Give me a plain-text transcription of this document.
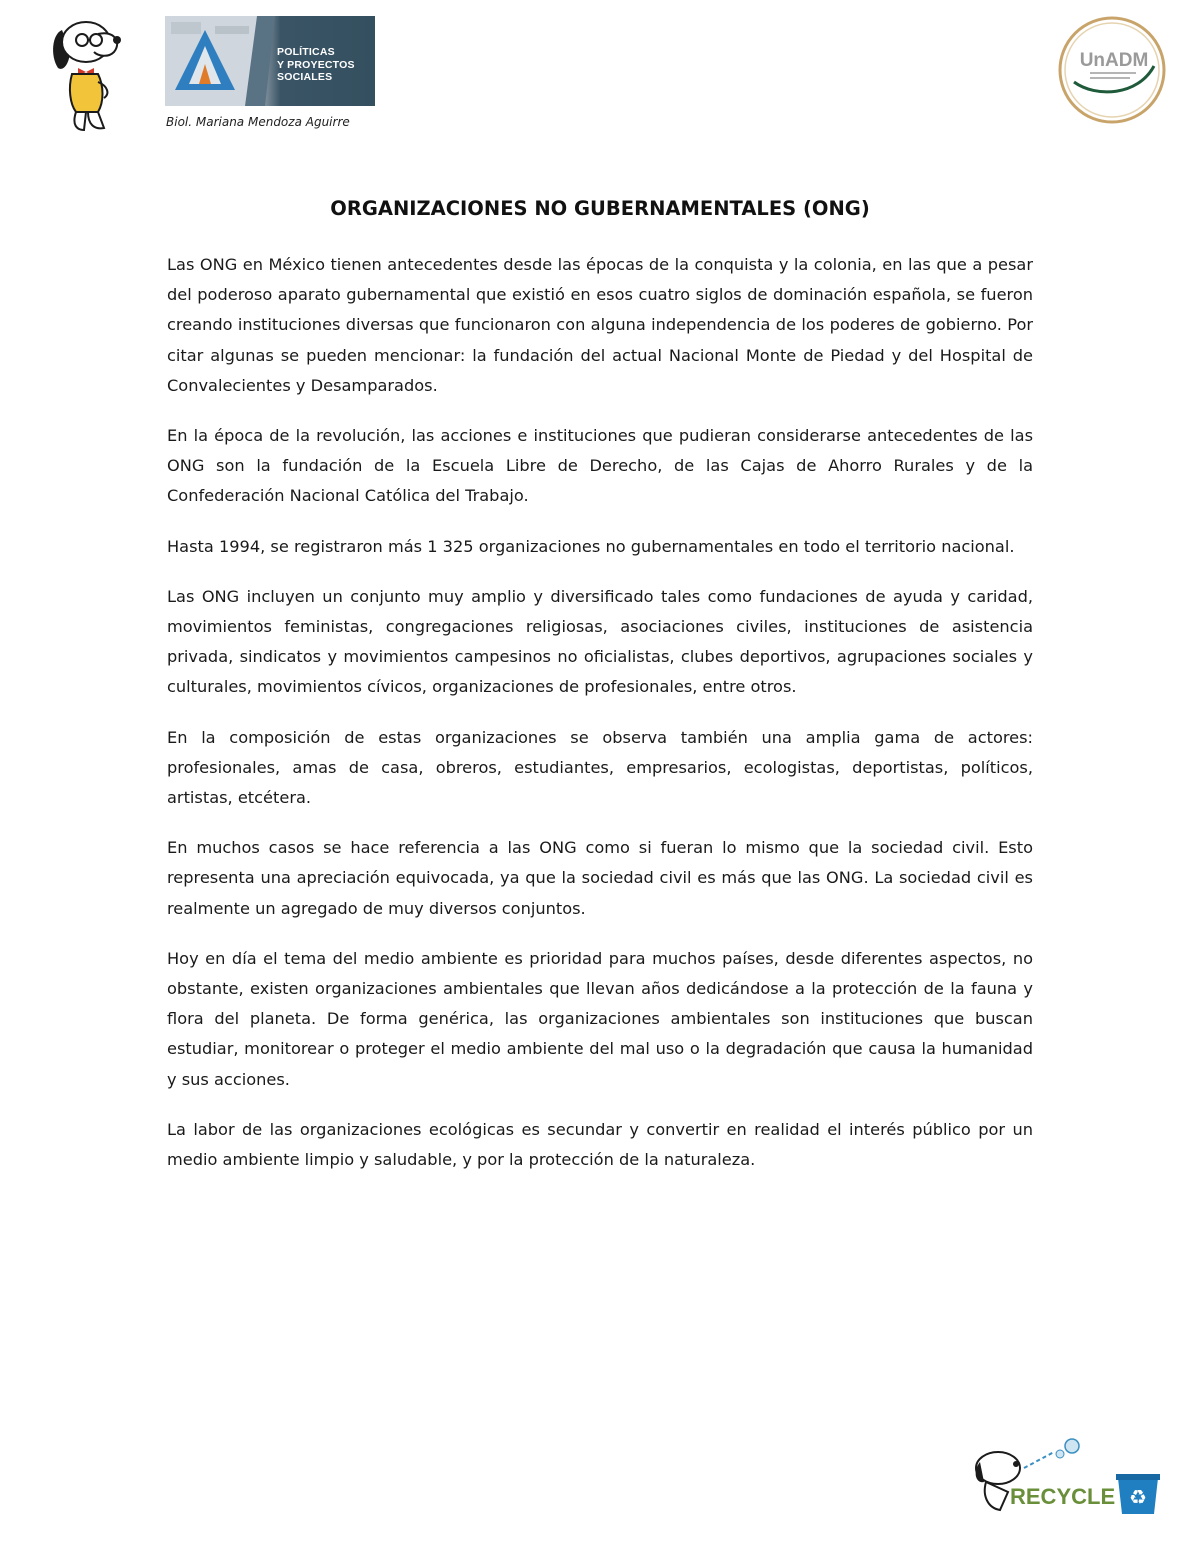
POLÍTICAS
Y PROYECTOS
SOCIALES
Biol. Mariana Mendoza Aguirre
UnADM
ORGANIZACIONES NO GUBERNAMENTALES (ONG)

Las ONG en México tienen antecedentes desde las épocas de la conquista y la colonia, en las que a pesar del poderoso aparato gubernamental que existió en esos cuatro siglos de dominación española, se fueron creando instituciones diversas que funcionaron con alguna independencia de los poderes de gobierno. Por citar algunas se pueden mencionar: la fundación del actual Nacional Monte de Piedad y del Hospital de Convalecientes y Desamparados.

En la época de la revolución, las acciones e instituciones que pudieran considerarse antecedentes de las ONG son la fundación de la Escuela Libre de Derecho, de las Cajas de Ahorro Rurales y de la Confederación Nacional Católica del Trabajo.

Hasta 1994, se registraron más 1 325 organizaciones no gubernamentales en todo el territorio nacional.

Las ONG incluyen un conjunto muy amplio y diversificado tales como fundaciones de ayuda y caridad, movimientos feministas, congregaciones religiosas, asociaciones civiles, instituciones de asistencia privada, sindicatos y movimientos campesinos no oficialistas, clubes deportivos, agrupaciones sociales y culturales, movimientos cívicos, organizaciones de profesionales, entre otros.

En la composición de estas organizaciones se observa también una amplia gama de actores: profesionales, amas de casa, obreros, estudiantes, empresarios, ecologistas, deportistas, políticos, artistas, etcétera.

En muchos casos se hace referencia a las ONG como si fueran lo mismo que la sociedad civil. Esto representa una apreciación equivocada, ya que la sociedad civil es más que las ONG. La sociedad civil es realmente un agregado de muy diversos conjuntos.

Hoy en día el tema del medio ambiente es prioridad para muchos países, desde diferentes aspectos, no obstante, existen organizaciones ambientales que llevan años dedicándose a la protección de la fauna y flora del planeta. De forma genérica, las organizaciones ambientales son instituciones que buscan estudiar, monitorear o proteger el medio ambiente del mal uso o la degradación que causa la humanidad y sus acciones.

La labor de las organizaciones ecológicas es secundar y convertir en realidad el interés público por un medio ambiente limpio y saludable, y por la protección de la naturaleza.

RECYCLE ♻
